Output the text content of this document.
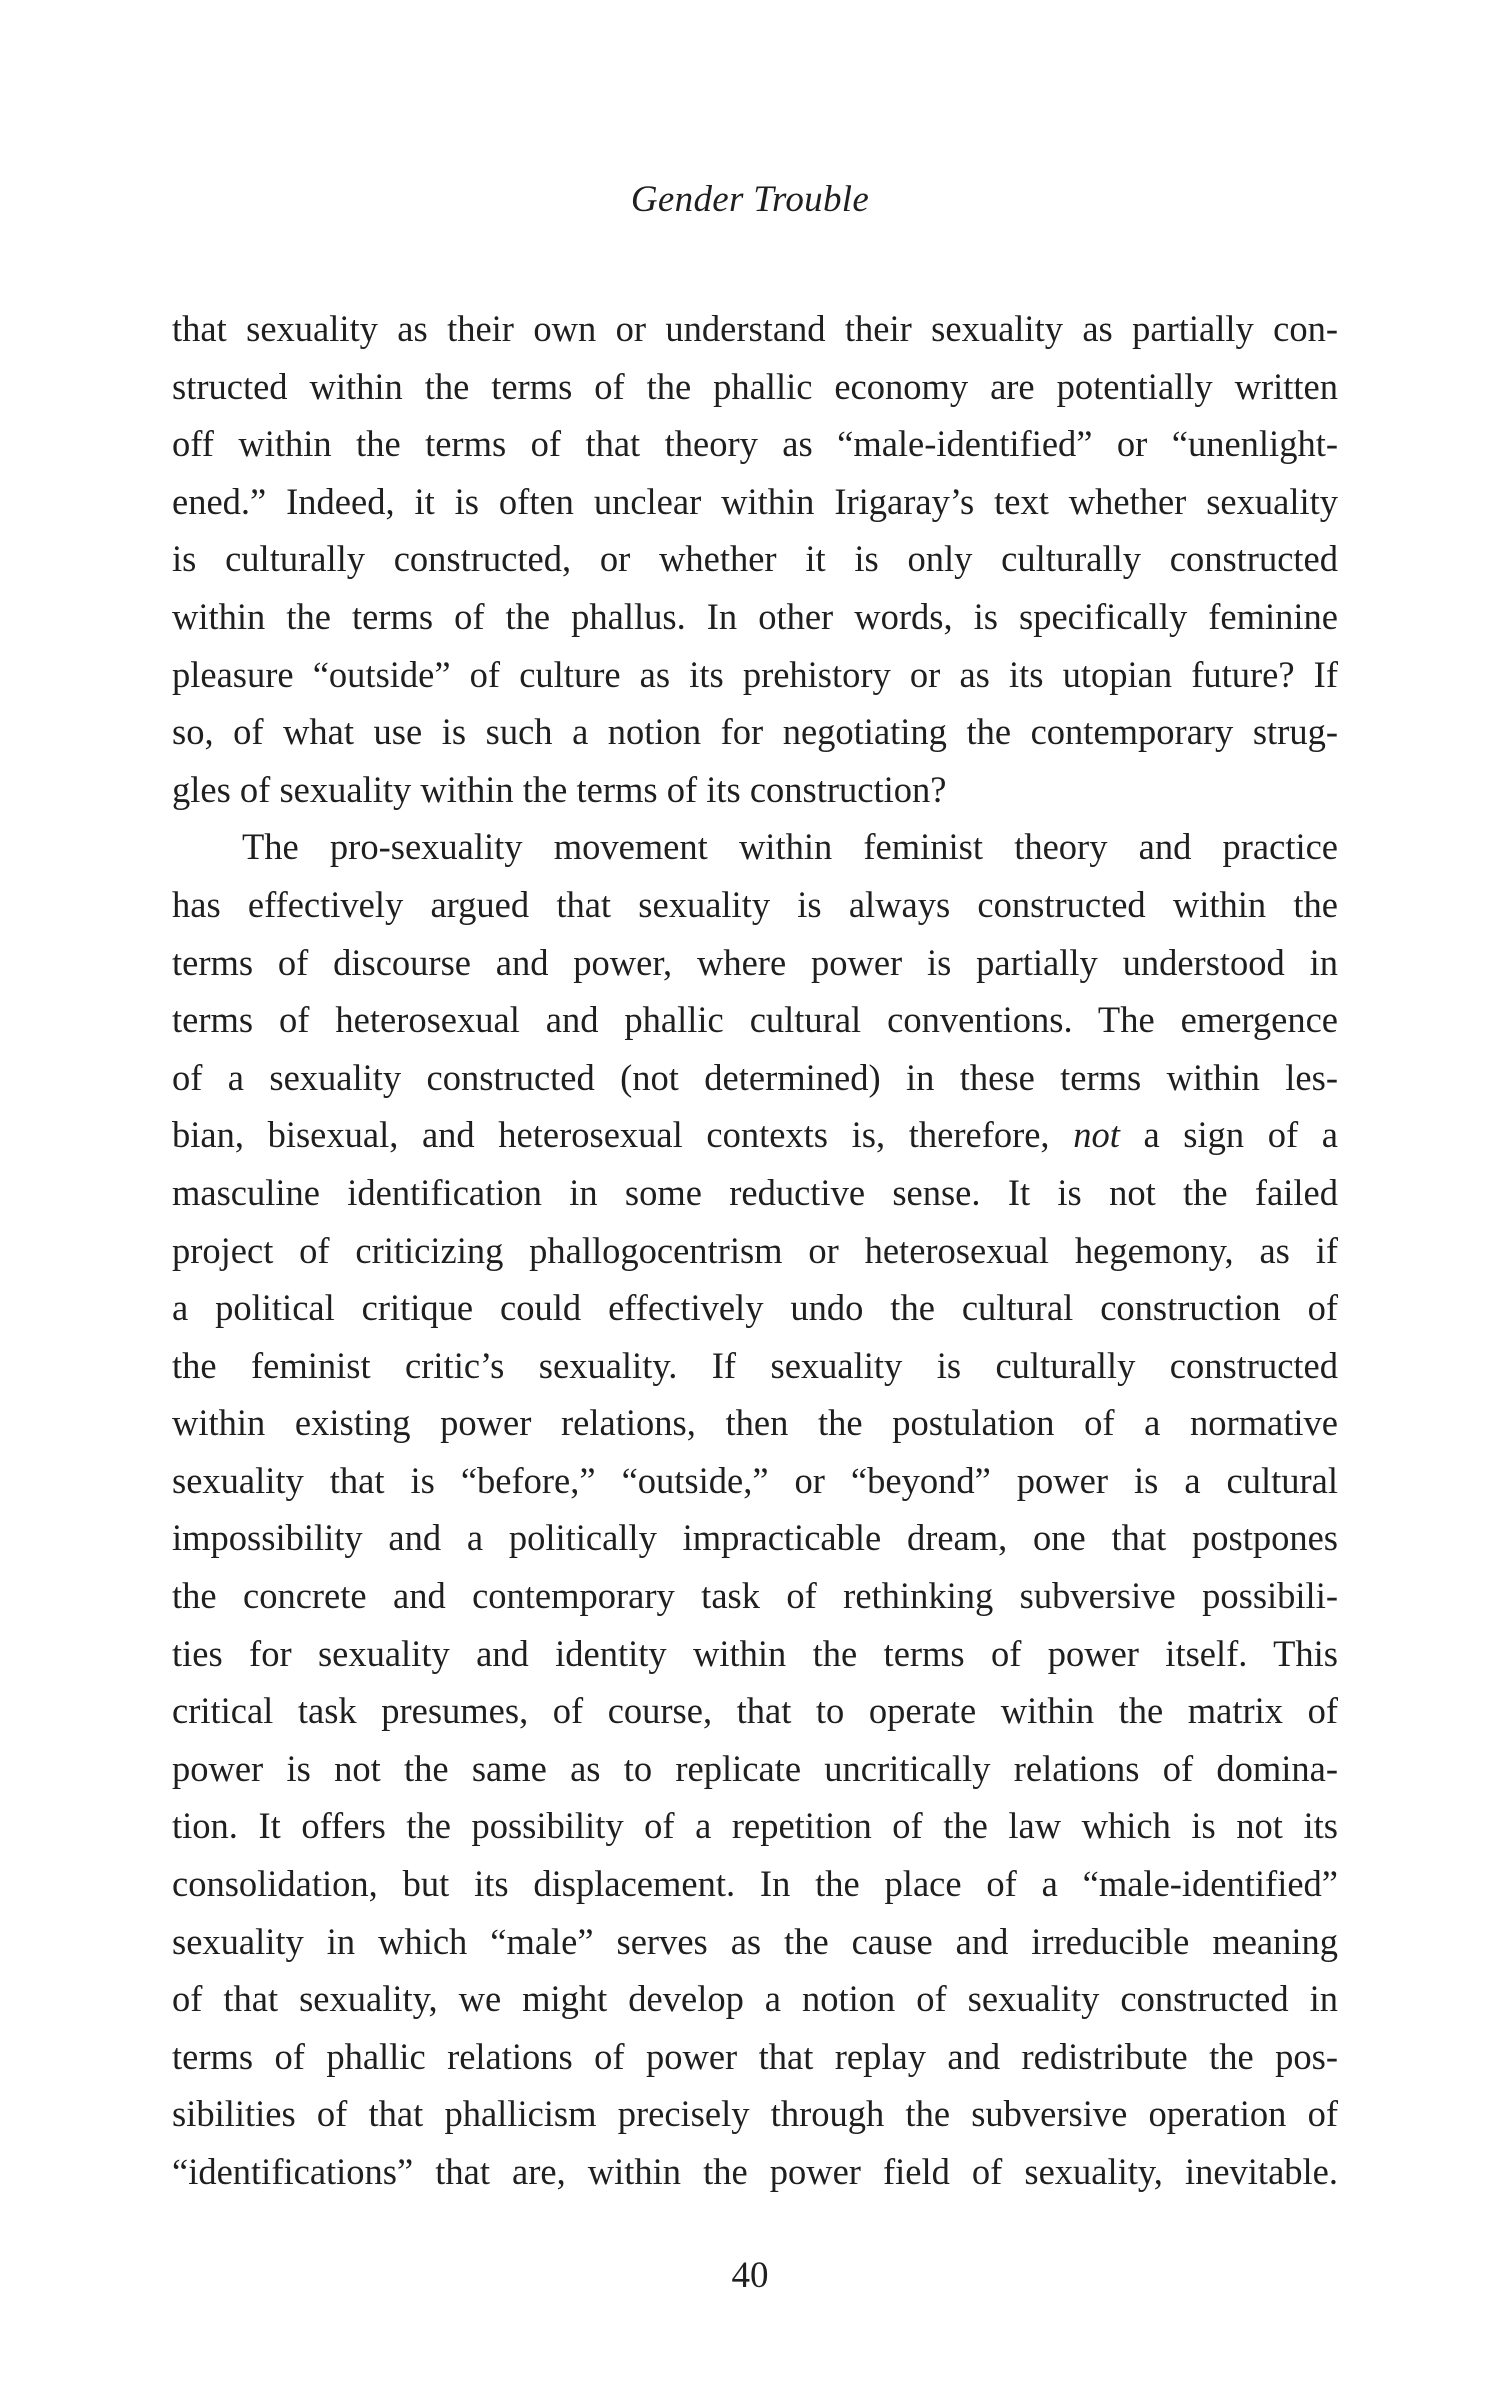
Gender Trouble
that sexuality as their own or understand their sexuality as partially con-
structed within the terms of the phallic economy are potentially written
off within the terms of that theory as “male-identified” or “unenlight-
ened.” Indeed, it is often unclear within Irigaray’s text whether sexuality
is culturally constructed, or whether it is only culturally constructed
within the terms of the phallus. In other words, is specifically feminine
pleasure “outside” of culture as its prehistory or as its utopian future? If
so, of what use is such a notion for negotiating the contemporary strug-
gles of sexuality within the terms of its construction?
The pro-sexuality movement within feminist theory and practice
has effectively argued that sexuality is always constructed within the
terms of discourse and power, where power is partially understood in
terms of heterosexual and phallic cultural conventions. The emergence
of a sexuality constructed (not determined) in these terms within les-
bian, bisexual, and heterosexual contexts is, therefore, not a sign of a
masculine identification in some reductive sense. It is not the failed
project of criticizing phallogocentrism or heterosexual hegemony, as if
a political critique could effectively undo the cultural construction of
the feminist critic’s sexuality. If sexuality is culturally constructed
within existing power relations, then the postulation of a normative
sexuality that is “before,” “outside,” or “beyond” power is a cultural
impossibility and a politically impracticable dream, one that postpones
the concrete and contemporary task of rethinking subversive possibili-
ties for sexuality and identity within the terms of power itself. This
critical task presumes, of course, that to operate within the matrix of
power is not the same as to replicate uncritically relations of domina-
tion. It offers the possibility of a repetition of the law which is not its
consolidation, but its displacement. In the place of a “male-identified”
sexuality in which “male” serves as the cause and irreducible meaning
of that sexuality, we might develop a notion of sexuality constructed in
terms of phallic relations of power that replay and redistribute the pos-
sibilities of that phallicism precisely through the subversive operation of
“identifications” that are, within the power field of sexuality, inevitable.
40
